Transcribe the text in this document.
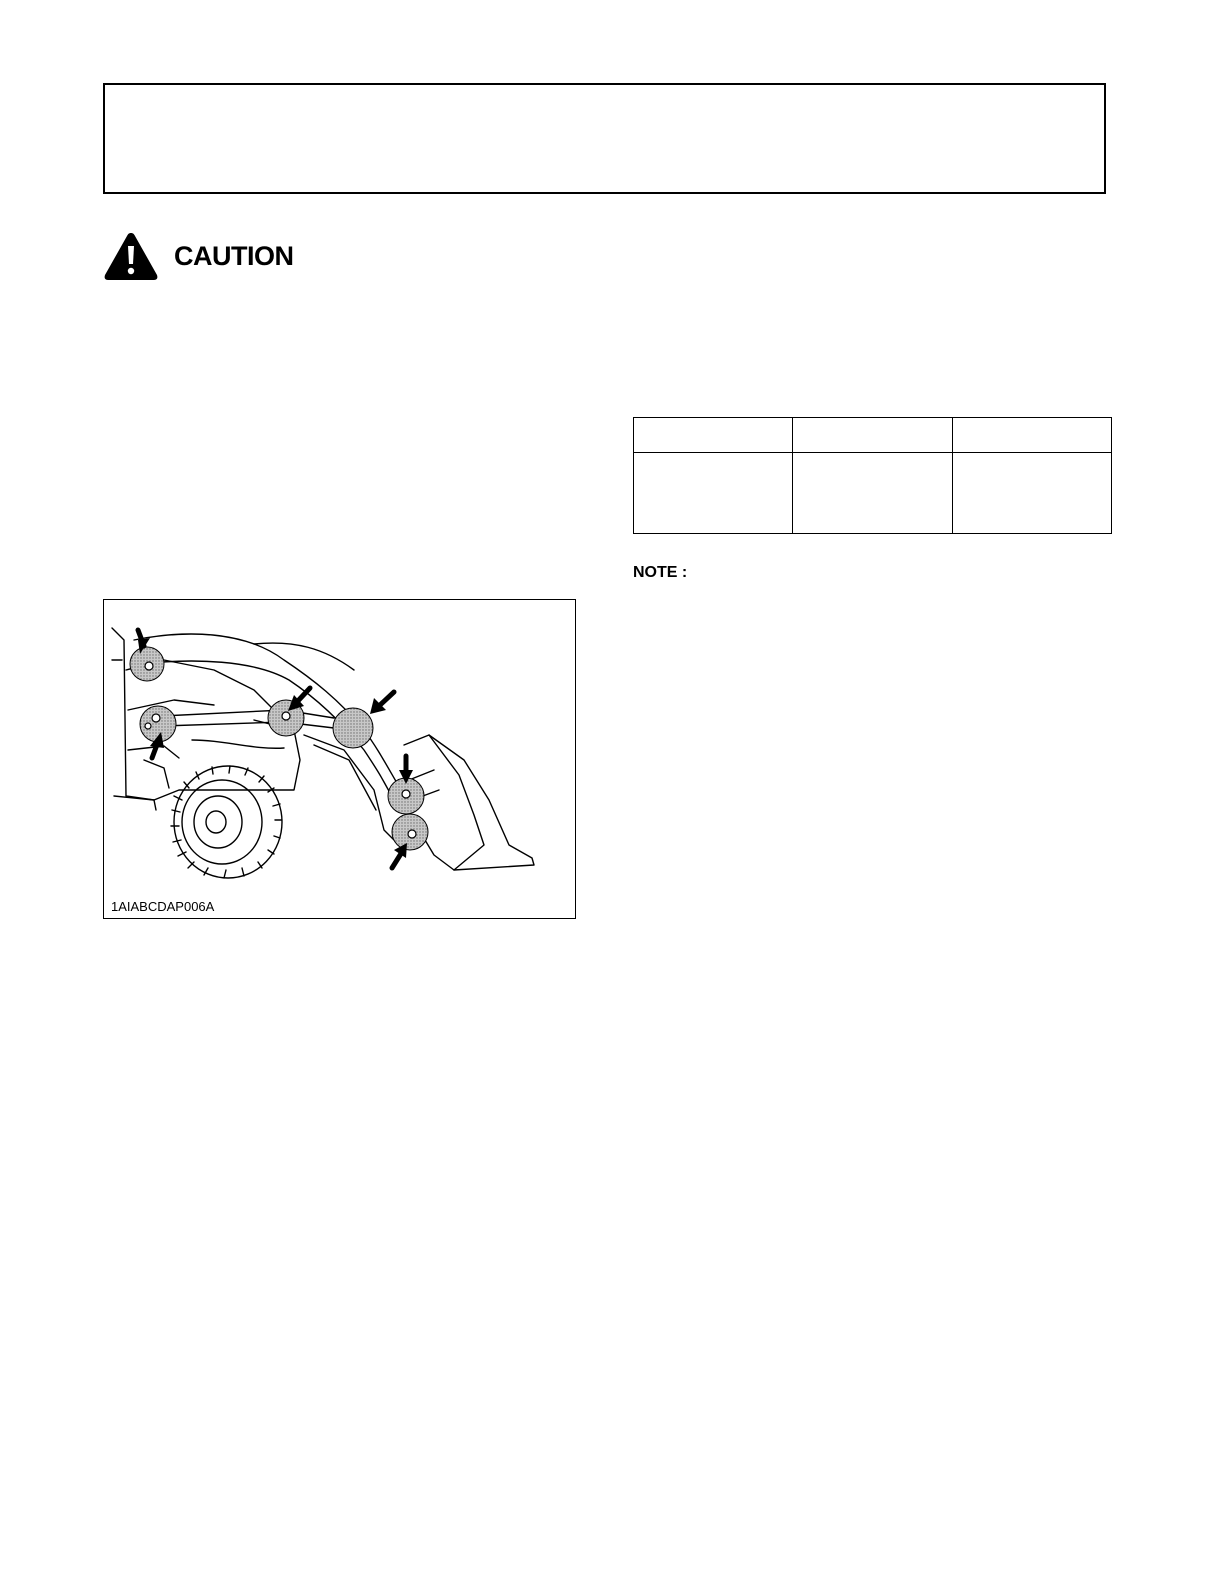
CAUTION

NOTE :
1AIABCDAP006A
